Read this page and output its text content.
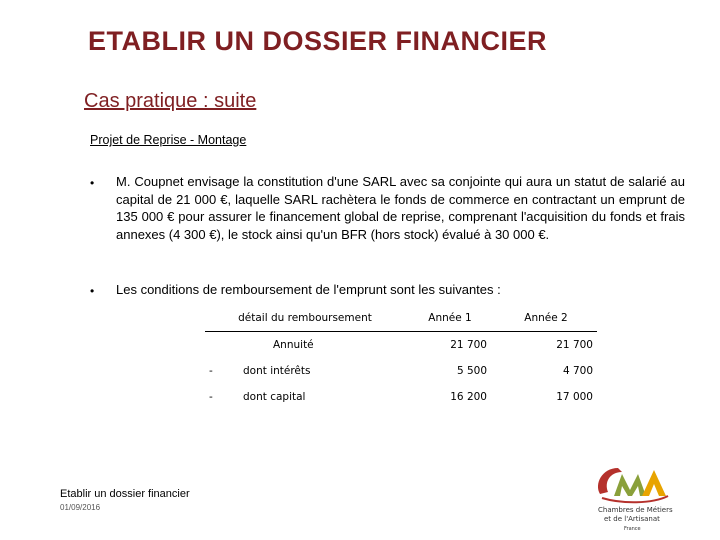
ETABLIR UN DOSSIER FINANCIER
Cas pratique : suite
Projet de Reprise - Montage
• M. Coupnet envisage la constitution d'une SARL avec sa conjointe qui aura un statut de salarié au capital de 21 000 €, laquelle SARL rachètera le fonds de commerce en contractant un emprunt de 135 000 € pour assurer le financement global de reprise, comprenant l'acquisition du fonds et frais annexes (4 300 €), le stock ainsi qu'un BFR (hors stock) évalué à 30 000 €.
• Les conditions de remboursement de l'emprunt sont les suivantes :
détail du remboursement		Année 1	Année 2
	Annuité	21 700	21 700
-	dont intérêts	5 500	4 700
-	dont capital	16 200	17 000
Etablir un dossier financier
01/09/2016	Chambres de Métiers
et de l'Artisanat
France
